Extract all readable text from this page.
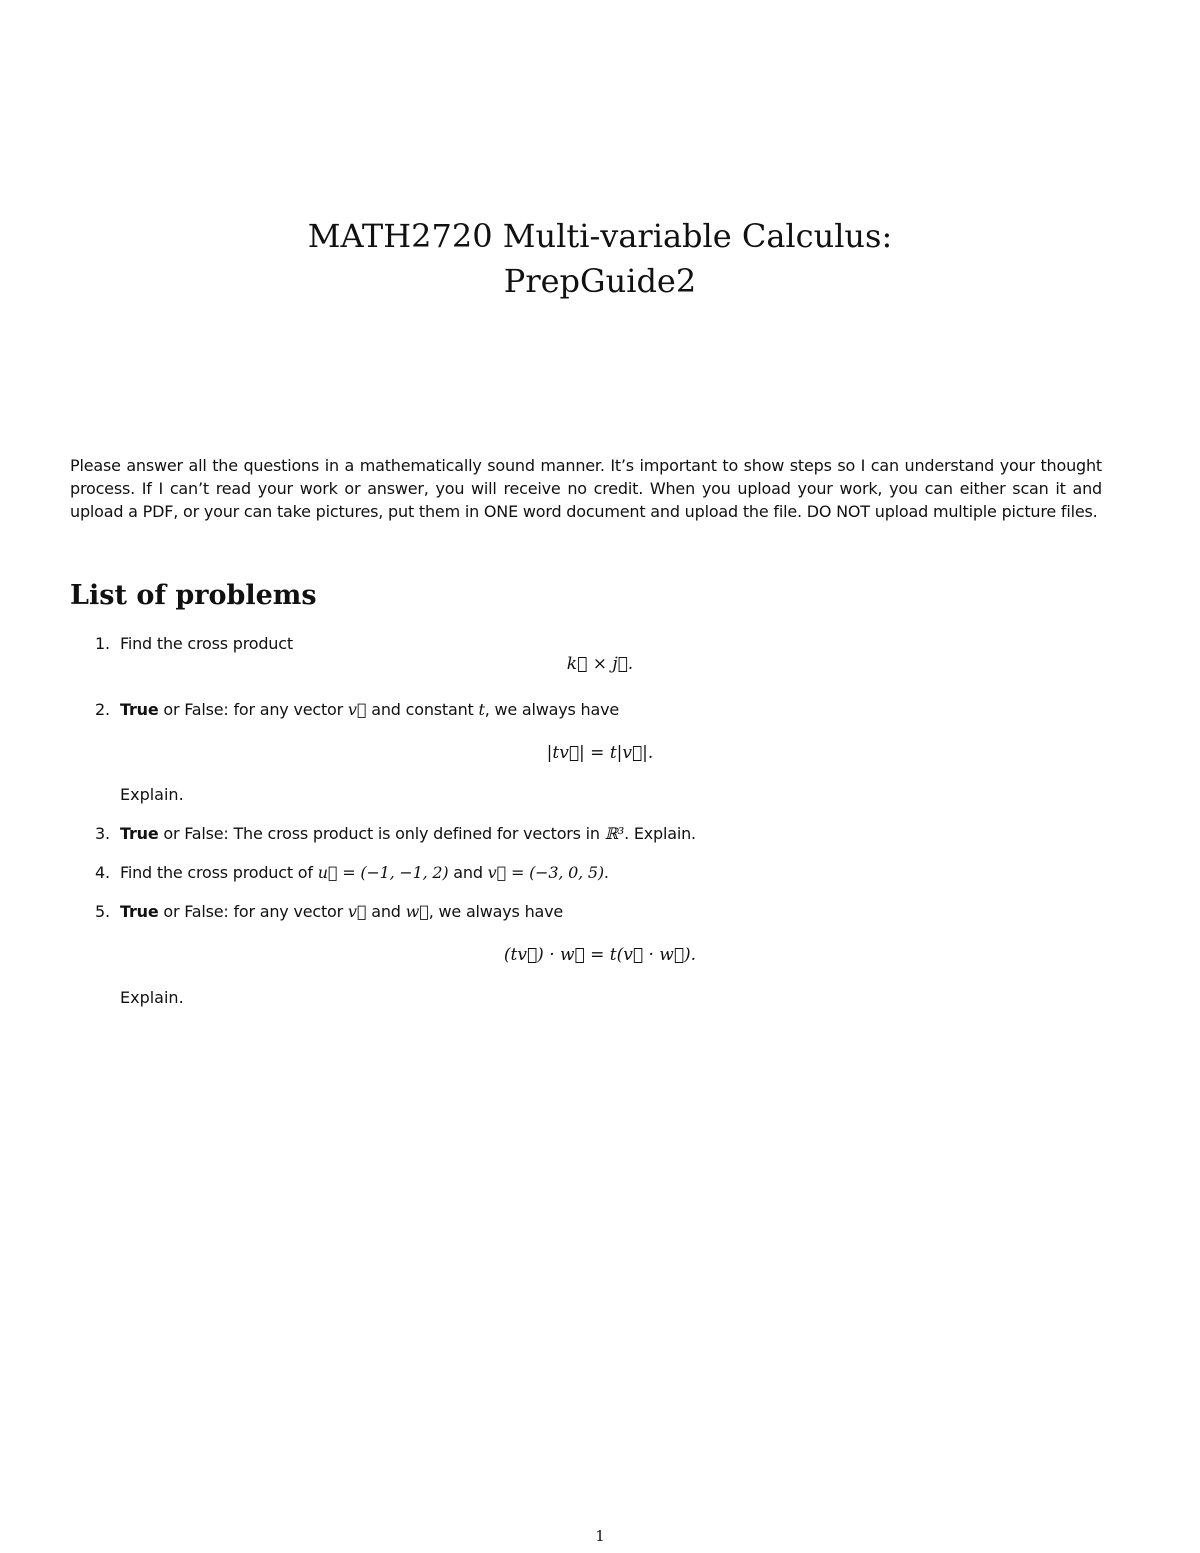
MATH2720 Multi-variable Calculus:
PrepGuide2

Please answer all the questions in a mathematically sound manner. It’s important to show steps so I can understand your thought process. If I can’t read your work or answer, you will receive no credit. When you upload your work, you can either scan it and upload a PDF, or your can take pictures, put them in ONE word document and upload the file. DO NOT upload multiple picture files.

List of problems
1. Find the cross product
k⃗ × j⃗.
2. True or False: for any vector v⃗ and constant t, we always have
|tv⃗| = t|v⃗|.
Explain.
3. True or False: The cross product is only defined for vectors in ℝ³. Explain.
4. Find the cross product of u⃗ = (−1, −1, 2) and v⃗ = (−3, 0, 5).
5. True or False: for any vector v⃗ and w⃗, we always have
(tv⃗) · w⃗ = t(v⃗ · w⃗).
Explain.
1
